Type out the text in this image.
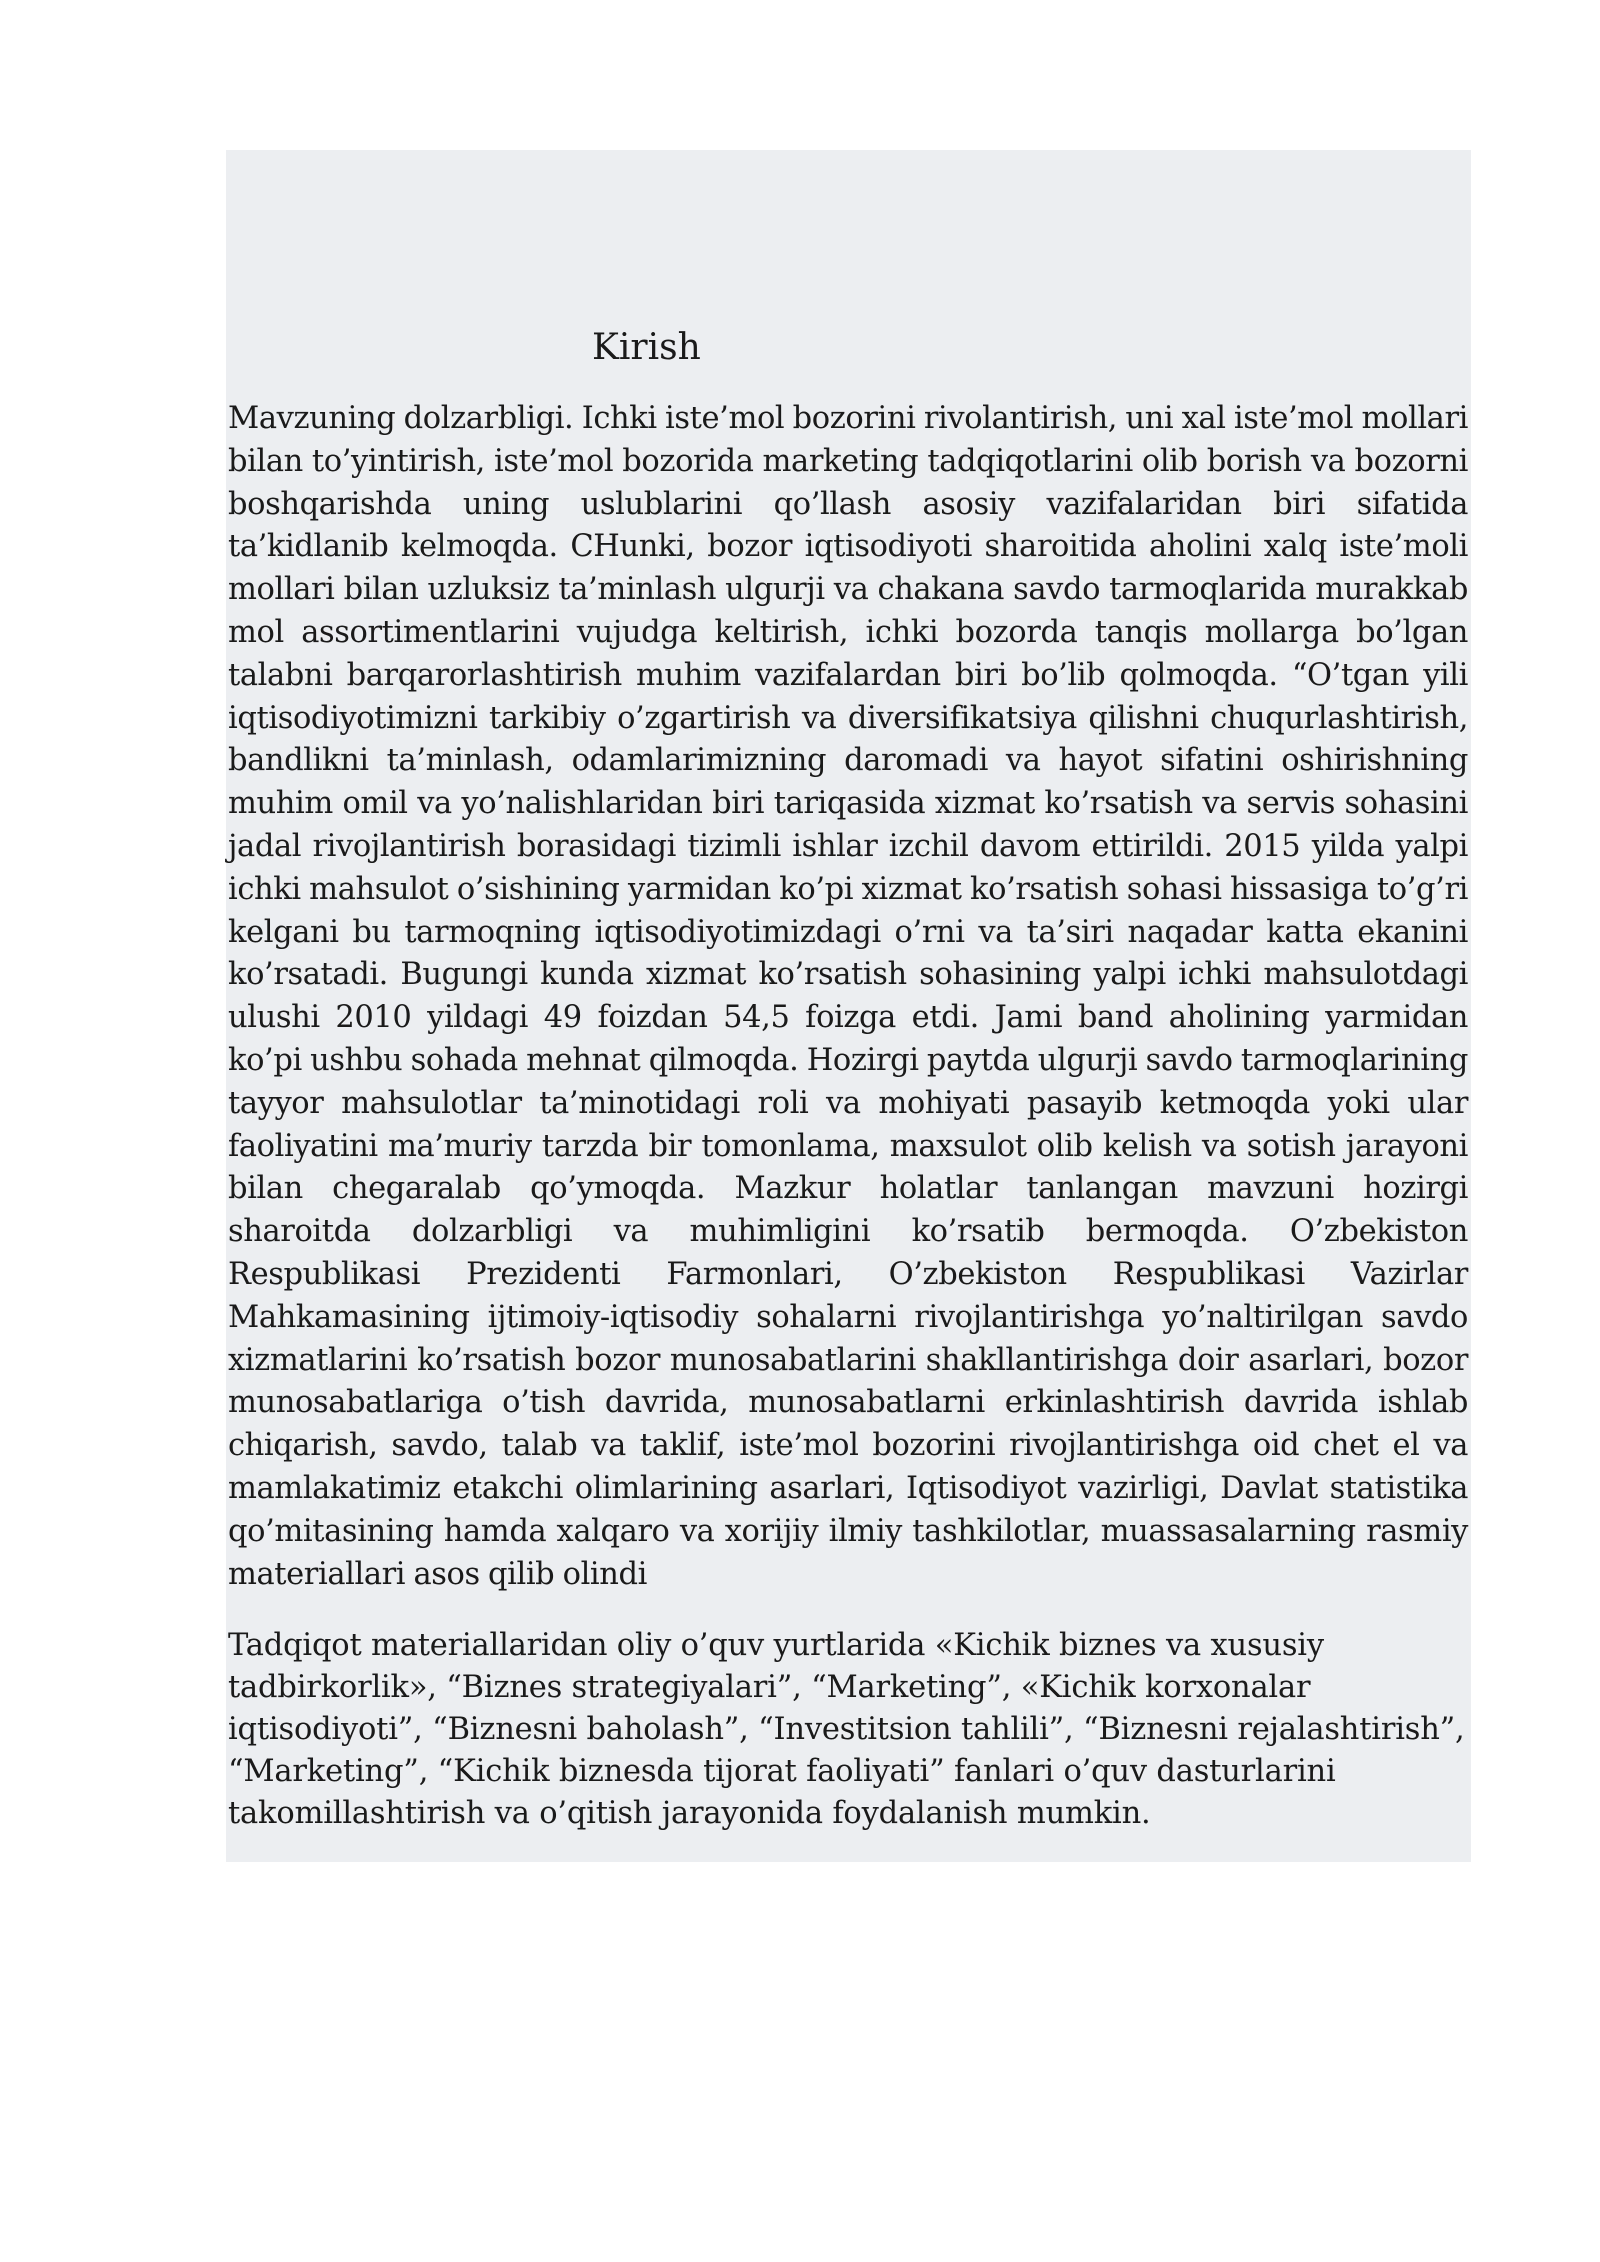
Kirish

Mavzuning dolzarbligi. Ichki iste’mol bozorini rivolantirish, uni xal iste’mol mollari bilan to’yintirish, iste’mol bozorida marketing tadqiqotlarini olib borish va bozorni boshqarishda uning uslublarini qo’llash asosiy vazifalaridan biri sifatida ta’kidlanib kelmoqda. CHunki, bozor iqtisodiyoti sharoitida aholini xalq iste’moli mollari bilan uzluksiz ta’minlash ulgurji va chakana savdo tarmoqlarida murakkab mol assortimentlarini vujudga keltirish, ichki bozorda tanqis mollarga bo’lgan talabni barqarorlashtirish muhim vazifalardan biri bo’lib qolmoqda. “O’tgan yili iqtisodiyotimizni tarkibiy o’zgartirish va diversifikatsiya qilishni chuqurlashtirish, bandlikni ta’minlash, odamlarimizning daromadi va hayot sifatini oshirishning muhim omil va yo’nalishlaridan biri tariqasida xizmat ko’rsatish va servis sohasini jadal rivojlantirish borasidagi tizimli ishlar izchil davom ettirildi. 2015 yilda yalpi ichki mahsulot o’sishining yarmidan ko’pi xizmat ko’rsatish sohasi hissasiga to’g’ri kelgani bu tarmoqning iqtisodiyotimizdagi o’rni va ta’siri naqadar katta ekanini ko’rsatadi. Bugungi kunda xizmat ko’rsatish sohasining yalpi ichki mahsulotdagi ulushi 2010 yildagi 49 foizdan 54,5 foizga etdi. Jami band aholining yarmidan ko’pi ushbu sohada mehnat qilmoqda. Hozirgi paytda ulgurji savdo tarmoqlarining tayyor mahsulotlar ta’minotidagi roli va mohiyati pasayib ketmoqda yoki ular faoliyatini ma’muriy tarzda bir tomonlama, maxsulot olib kelish va sotish jarayoni bilan chegaralab qo’ymoqda. Mazkur holatlar tanlangan mavzuni hozirgi sharoitda dolzarbligi va muhimligini ko’rsatib bermoqda. O’zbekiston Respublikasi Prezidenti Farmonlari, O’zbekiston Respublikasi Vazirlar Mahkamasining ijtimoiy-iqtisodiy sohalarni rivojlantirishga yo’naltirilgan savdo xizmatlarini ko’rsatish bozor munosabatlarini shakllantirishga doir asarlari, bozor munosabatlariga o’tish davrida, munosabatlarni erkinlashtirish davrida ishlab chiqarish, savdo, talab va taklif, iste’mol bozorini rivojlantirishga oid chet el va mamlakatimiz etakchi olimlarining asarlari, Iqtisodiyot vazirligi, Davlat statistika qo’mitasining hamda xalqaro va xorijiy ilmiy tashkilotlar, muassasalarning rasmiy materiallari asos qilib olindi

Tadqiqot materiallaridan oliy o’quv yurtlarida «Kichik biznes va xususiy tadbirkorlik», “Biznes strategiyalari”, “Marketing”, «Kichik korxonalar iqtisodiyoti”, “Biznesni baholash”, “Investitsion tahlili”, “Biznesni rejalashtirish”, “Marketing”, “Kichik biznesda tijorat faoliyati” fanlari o’quv dasturlarini takomillashtirish va o’qitish jarayonida foydalanish mumkin.
